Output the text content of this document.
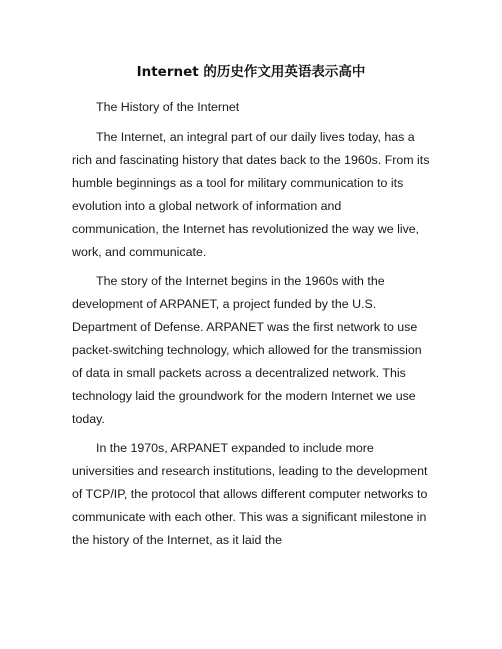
Internet 的历史作文用英语表示高中

The History of the Internet

The Internet, an integral part of our daily lives today, has a rich and fascinating history that dates back to the 1960s. From its humble beginnings as a tool for military communication to its evolution into a global network of information and communication, the Internet has revolutionized the way we live, work, and communicate.

The story of the Internet begins in the 1960s with the development of ARPANET, a project funded by the U.S. Department of Defense. ARPANET was the first network to use packet-switching technology, which allowed for the transmission of data in small packets across a decentralized network. This technology laid the groundwork for the modern Internet we use today.

In the 1970s, ARPANET expanded to include more universities and research institutions, leading to the development of TCP/IP, the protocol that allows different computer networks to communicate with each other. This was a significant milestone in the history of the Internet, as it laid the
